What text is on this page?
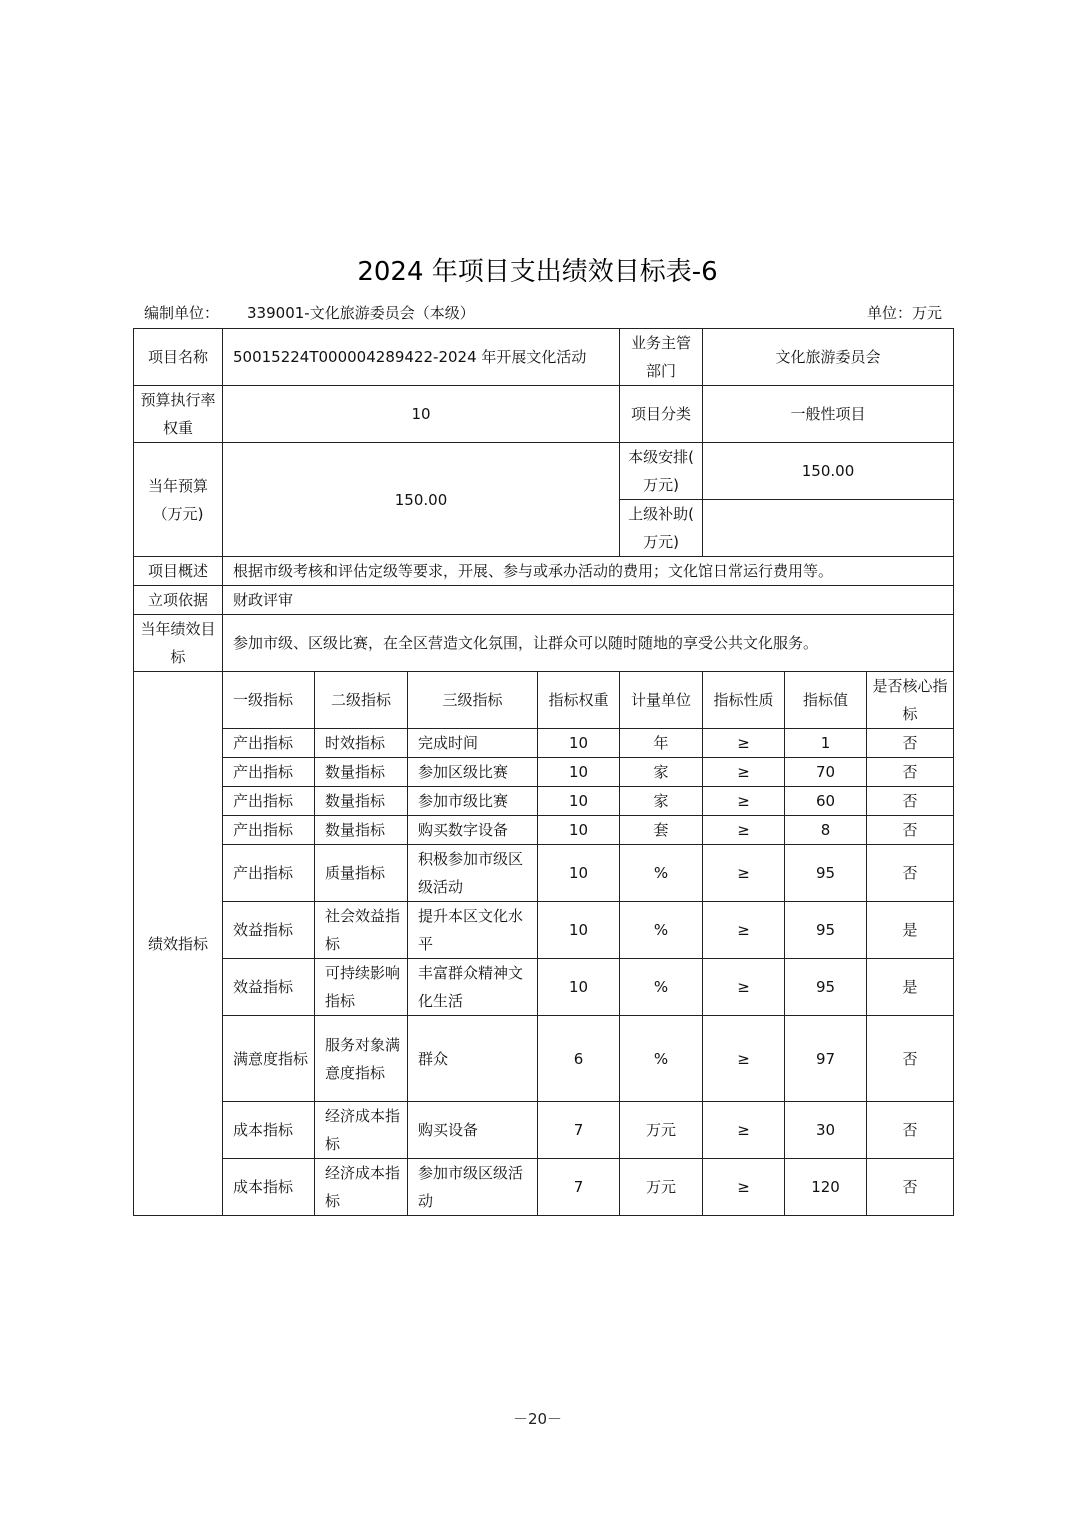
2024 年项目支出绩效目标表-6
编制单位： 339001-文化旅游委员会（本级）	单位：万元
项目名称	50015224T000004289422-2024 年开展文化活动				业务主管部门	文化旅游委员会		
预算执行率权重	10				项目分类	一般性项目		
当年预算（万元)	150.00				本级安排( 万元)	150.00		
					上级补助( 万元)			
项目概述	根据市级考核和评估定级等要求，开展、参与或承办活动的费用；文化馆日常运行费用等。							
立项依据	财政评审							
当年绩效目标	参加市级、区级比赛，在全区营造文化氛围，让群众可以随时随地的享受公共文化服务。							
绩效指标	一级指标	二级指标	三级指标	指标权重	计量单位	指标性质	指标值	是否核心指标
	产出指标	时效指标	完成时间	10	年	≥	1	否
	产出指标	数量指标	参加区级比赛	10	家	≥	70	否
	产出指标	数量指标	参加市级比赛	10	家	≥	60	否
	产出指标	数量指标	购买数字设备	10	套	≥	8	否
	产出指标	质量指标	积极参加市级区级活动	10	%	≥	95	否
	效益指标	社会效益指标	提升本区文化水平	10	%	≥	95	是
	效益指标	可持续影响指标	丰富群众精神文化生活	10	%	≥	95	是
	满意度指标	服务对象满意度指标	群众	6	%	≥	97	否
	成本指标	经济成本指标	购买设备	7	万元	≥	30	否
	成本指标	经济成本指标	参加市级区级活动	7	万元	≥	120	否
－20－
